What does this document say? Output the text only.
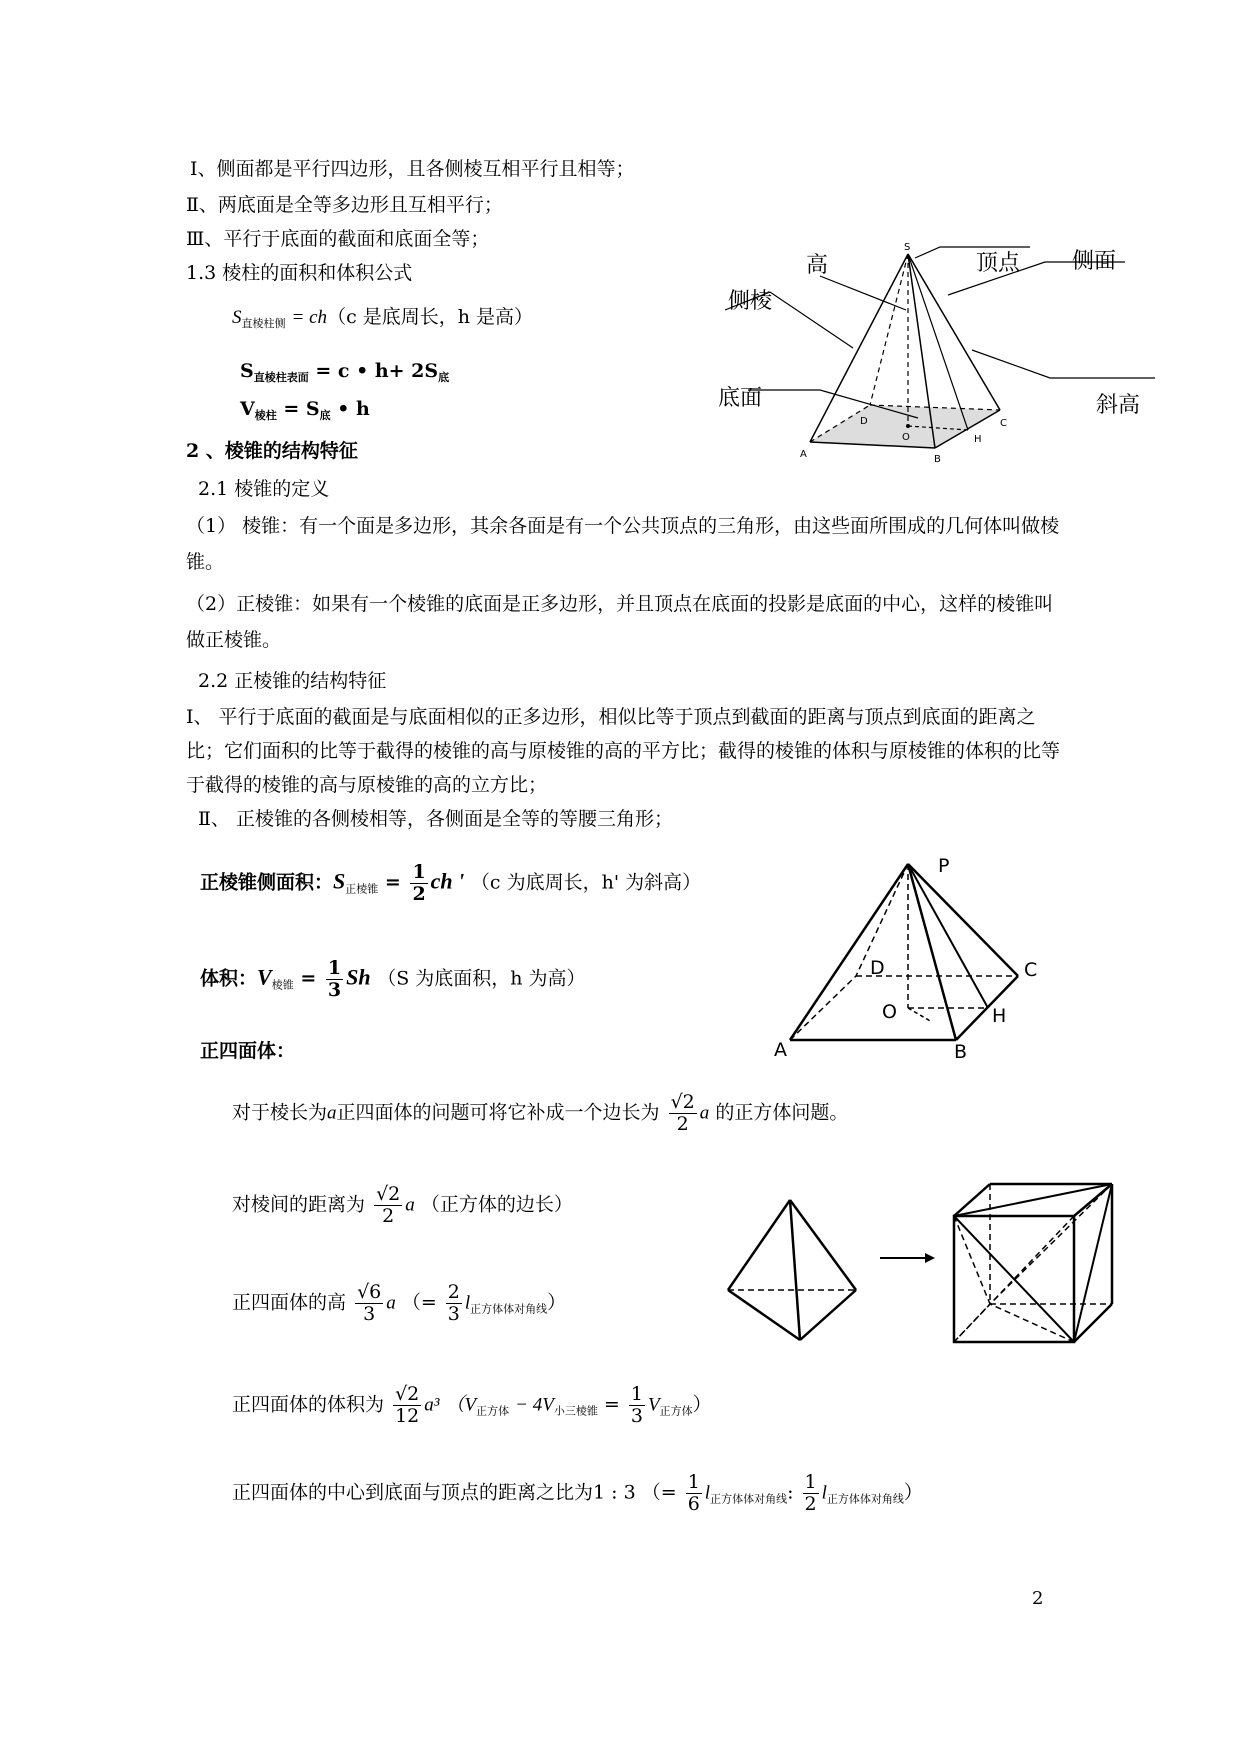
Ⅰ、侧面都是平行四边形，且各侧棱互相平行且相等；
Ⅱ、两底面是全等多边形且互相平行；
Ⅲ、平行于底面的截面和底面全等；
1.3 棱柱的面积和体积公式
$S_{直棱柱侧} = ch(c$ 是底周长，h 是高）
$S_{直棱柱表面} = c$ • $h+ 2S_底$
$V_{棱柱} = S_底$ • h
S
A	B
C
D
O	H
高	顶点 侧面
侧棱
底面	斜高
2 、棱锥的结构特征
2.1 棱锥的定义
（1） 棱锥：有一个面是多边形，其余各面是有一个公共顶点的三角形，由这些面所围成的几何体叫做棱锥。
（2）正棱锥：如果有一个棱锥的底面是正多边形，并且顶点在底面的投影是底面的中心，这样的棱锥叫做正棱锥。
2.2 正棱锥的结构特征
Ⅰ、 平行于底面的截面是与底面相似的正多边形，相似比等于顶点到截面的距离与顶点到底面的距离之比；它们面积的比等于截得的棱锥的高与原棱锥的高的平方比；截得的棱锥的体积与原棱锥的体积的比等于截得的棱锥的高与原棱锥的高的立方比；
Ⅱ、 正棱锥的各侧棱相等，各侧面是全等的等腰三角形；
正棱锥侧面积：$S_{正棱锥} = \frac{1}{2}$ ch ' （c 为底周长，h' 为斜高）
体积：$V_{棱锥} = \frac{1}{3}$ Sh （S 为底面积，h 为高）
P
A	B
C
D
O	H
正四面体：
对于棱长为a正四面体的问题可将它补成一个边长为 $\frac{√2}{2}$ a 的正方体问题。
对棱间的距离为 $\frac{√2}{2}$ a （正方体的边长）
正四面体的高 $\frac{√6}{3}$ a （= $\frac{2}{3} l_{正方体体对角线}$）
正四面体的体积为 $\frac{√2}{12} a^3$ $(V_{正方体} - 4V_{小三棱锥} = \frac{1}{3} V_{正方体})$
正四面体的中心到底面与顶点的距离之比为1 : 3 （= $\frac{1}{6} l_{正方体体对角线}$: $\frac{1}{2} l_{正方体体对角线}$）
2
